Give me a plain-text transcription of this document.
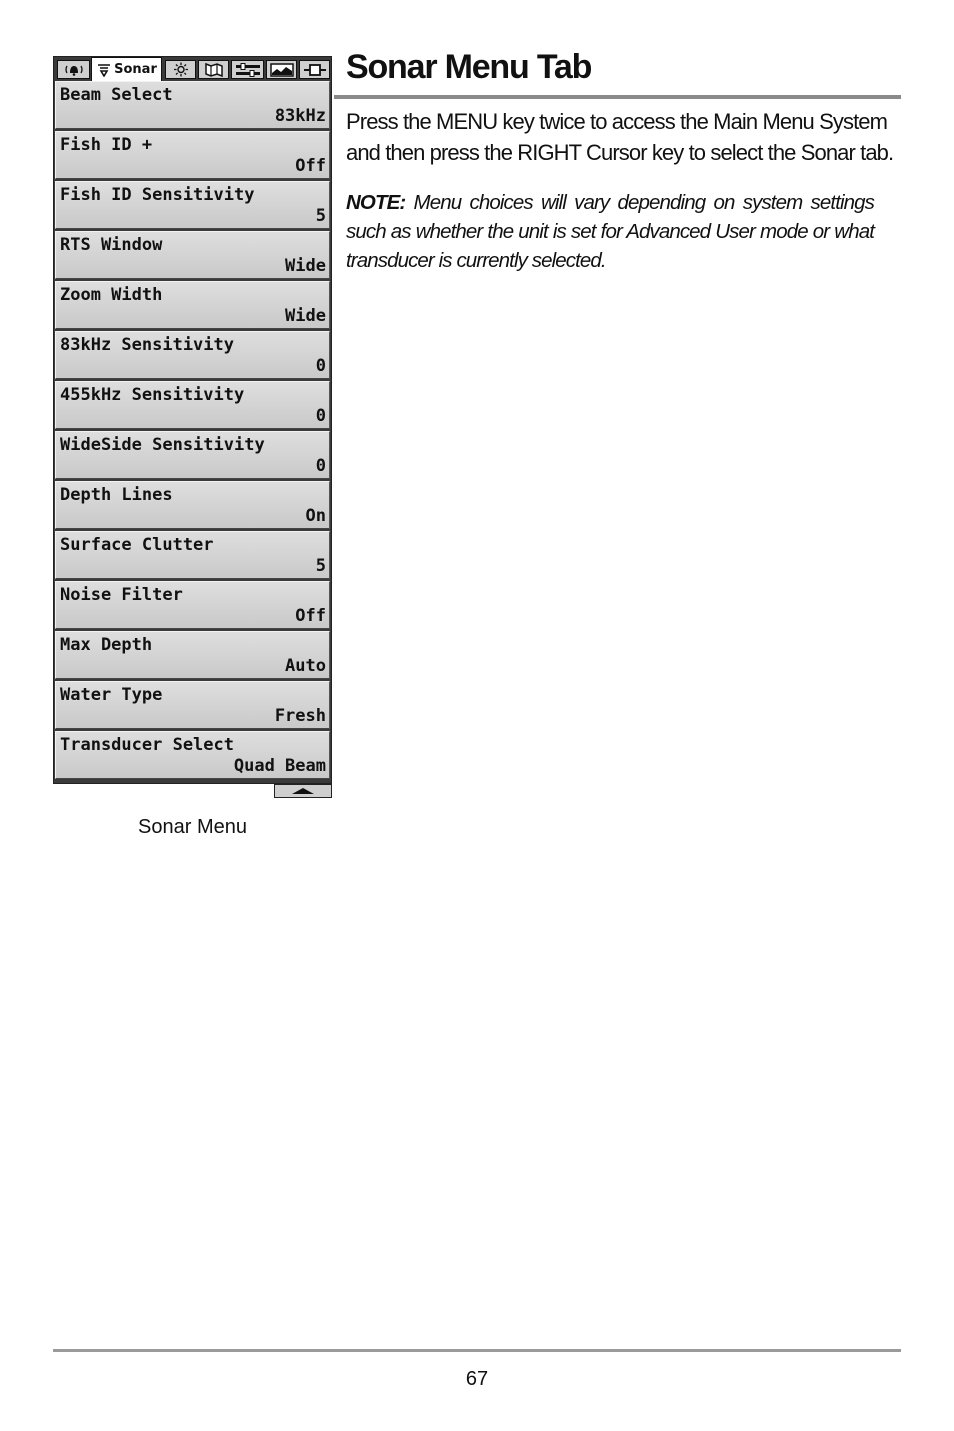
Sonar
Beam Select
83kHz
Fish ID +
Off
Fish ID Sensitivity
5
RTS Window
Wide
Zoom Width
Wide
83kHz Sensitivity
0
455kHz Sensitivity
0
WideSide Sensitivity
0
Depth Lines
On
Surface Clutter
5
Noise Filter
Off
Max Depth
Auto
Water Type
Fresh
Transducer Select
Quad Beam
Sonar Menu
Sonar Menu Tab

Press the MENU key twice to access the Main Menu System and then press the RIGHT Cursor key to select the Sonar tab.

NOTE: Menu choices will vary depending on system settings such as whether the unit is set for Advanced User mode or what transducer is currently selected.

67
